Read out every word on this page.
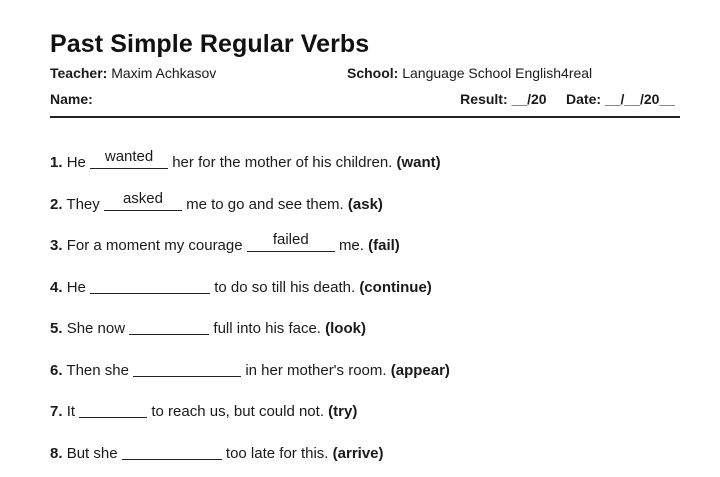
Past Simple Regular Verbs
Teacher: Maxim Achkasov	School: Language School English4real
Name:	Result: __/20 Date: __/__/20__
1. He	wanted	her for the mother of his children. (want)
2. They	asked	me to go and see them. (ask)
3. For a moment my courage	failed	me. (fail)
4. He	to do so till his death. (continue)
5. She now	full into his face. (look)
6. Then she	in her mother's room. (appear)
7. It	to reach us, but could not. (try)
8. But she	too late for this. (arrive)
